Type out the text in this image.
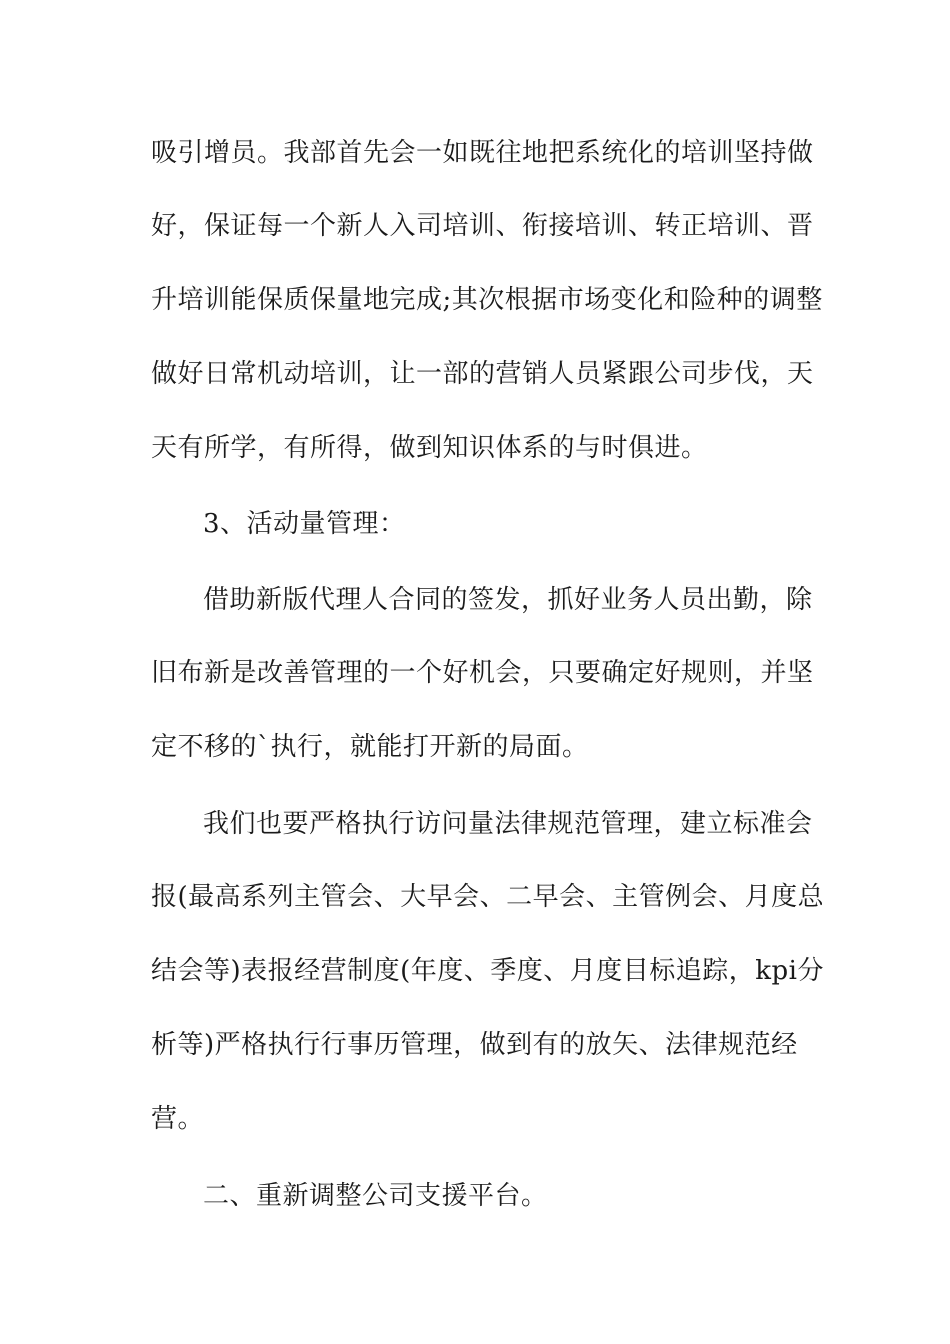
吸引增员。我部首先会一如既往地把系统化的培训坚持做
好，保证每一个新人入司培训、衔接培训、转正培训、晋
升培训能保质保量地完成;其次根据市场变化和险种的调整
做好日常机动培训，让一部的营销人员紧跟公司步伐，天
天有所学，有所得，做到知识体系的与时俱进。
3、活动量管理：
借助新版代理人合同的签发，抓好业务人员出勤，除
旧布新是改善管理的一个好机会，只要确定好规则，并坚
定不移的`执行，就能打开新的局面。
我们也要严格执行访问量法律规范管理，建立标准会
报(最高系列主管会、大早会、二早会、主管例会、月度总
结会等)表报经营制度(年度、季度、月度目标追踪，kpi分
析等)严格执行行事历管理，做到有的放矢、法律规范经
营。
二、重新调整公司支援平台。
